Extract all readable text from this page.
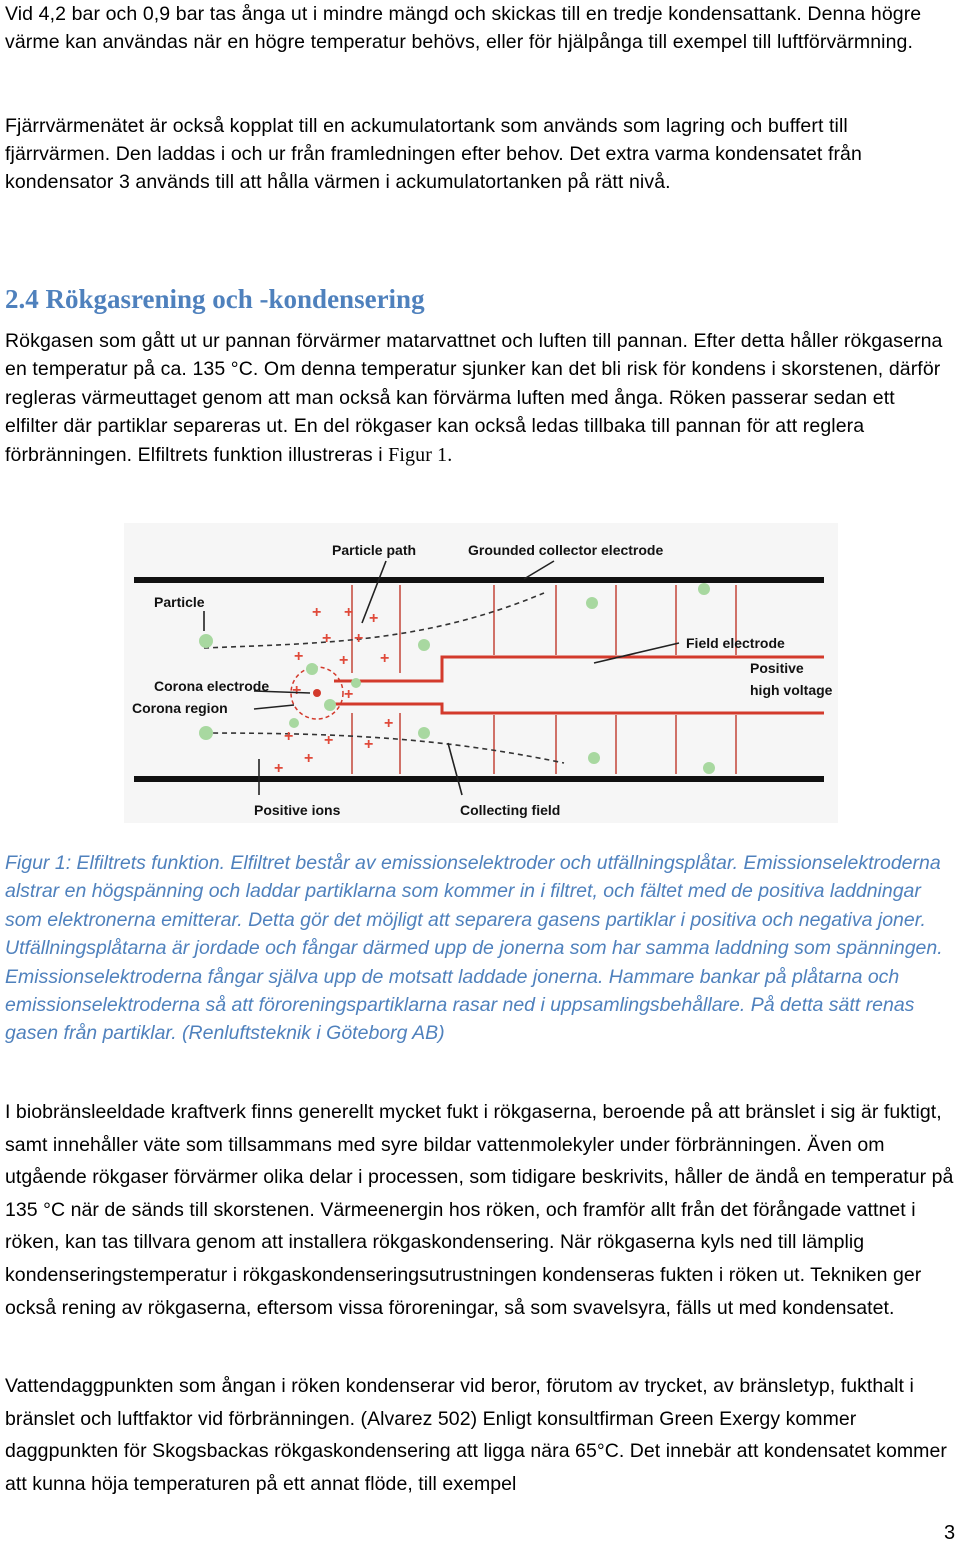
Vid 4,2 bar och 0,9 bar tas ånga ut i mindre mängd och skickas till en tredje kondensattank. Denna högre värme kan användas när en högre temperatur behövs, eller för hjälpånga till exempel till luftförvärmning.

Fjärrvärmenätet är också kopplat till en ackumulatortank som används som lagring och buffert till fjärrvärmen. Den laddas i och ur från framledningen efter behov. Det extra varma kondensatet från kondensator 3 används till att hålla värmen i ackumulatortanken på rätt nivå.

2.4 Rökgasrening och -kondensering

Rökgasen som gått ut ur pannan förvärmer matarvattnet och luften till pannan. Efter detta håller rökgaserna en temperatur på ca. 135 °C. Om denna temperatur sjunker kan det bli risk för kondens i skorstenen, därför regleras värmeuttaget genom att man också kan förvärma luften med ånga. Röken passerar sedan ett elfilter där partiklar separeras ut. En del rökgaser kan också ledas tillbaka till pannan för att reglera förbränningen. Elfiltrets funktion illustreras i Figur 1.

+ + +
+ +
+ +
+	+
+ + +
+
+
+
+
Particle path	Grounded collector electrode
Particle
Field electrode
Positive
high voltage
Corona electrode
Corona region
Positive ions	Collecting field

Figur 1: Elfiltrets funktion. Elfiltret består av emissionselektroder och utfällningsplåtar. Emissionselektroderna alstrar en högspänning och laddar partiklarna som kommer in i filtret, och fältet med de positiva laddningar som elektronerna emitterar. Detta gör det möjligt att separera gasens partiklar i positiva och negativa joner. Utfällningsplåtarna är jordade och fångar därmed upp de jonerna som har samma laddning som spänningen. Emissionselektroderna fångar själva upp de motsatt laddade jonerna. Hammare bankar på plåtarna och emissionselektroderna så att föroreningspartiklarna rasar ned i uppsamlingsbehållare. På detta sätt renas gasen från partiklar. (Renluftsteknik i Göteborg AB)

I biobränsleeldade kraftverk finns generellt mycket fukt i rökgaserna, beroende på att bränslet i sig är fuktigt, samt innehåller väte som tillsammans med syre bildar vattenmolekyler under förbränningen. Även om utgående rökgaser förvärmer olika delar i processen, som tidigare beskrivits, håller de ändå en temperatur på 135 °C när de sänds till skorstenen. Värmeenergin hos röken, och framför allt från det förångade vattnet i röken, kan tas tillvara genom att installera rökgaskondensering. När rökgaserna kyls ned till lämplig kondenseringstemperatur i rökgaskondenseringsutrustningen kondenseras fukten i röken ut. Tekniken ger också rening av rökgaserna, eftersom vissa föroreningar, så som svavelsyra, fälls ut med kondensatet.

Vattendaggpunkten som ångan i röken kondenserar vid beror, förutom av trycket, av bränsletyp, fukthalt i bränslet och luftfaktor vid förbränningen. (Alvarez 502) Enligt konsultfirman Green Exergy kommer daggpunkten för Skogsbackas rökgaskondensering att ligga nära 65°C. Det innebär att kondensatet kommer att kunna höja temperaturen på ett annat flöde, till exempel

3
